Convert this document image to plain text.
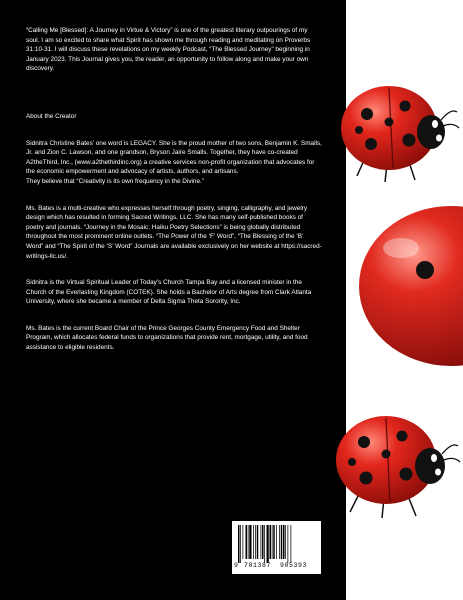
“Calling Me [Blessed]: A Journey in Virtue & Victory” is one of the greatest literary outpourings of my soul. I am so excited to share what Spirit has shown me through reading and meditating on Proverbs 31:10-31. I will discuss these revelations on my weekly Podcast, “The Blessed Journey” beginning in January 2023. This Journal gives you, the reader, an opportunity to follow along and make your own discovery.

About the Creator

Sidnitra Christine Bates’ one word is LEGACY. She is the proud mother of two sons, Benjamin K. Smalls, Jr. and Zion C. Lawson, and one grandson, Bryson Jaire Smalls. Together, they have co-created A2theThird, Inc., (www.a2thethirdinc.org) a creative services non-profit organization that advocates for the economic empowerment and advocacy of artists, authors, and artisans.

They believe that “Creativity is its own frequency in the Divine.”

Ms. Bates is a multi-creative who expresses herself through poetry, singing, calligraphy, and jewelry design which has resulted in forming Sacred Writings, LLC. She has many self-published books of poetry and journals. “Journey in the Mosaic: Haiku Poetry Selections” is being globally distributed throughout the most prominent online outlets. “The Power of the ‘F’ Word”, “The Blessing of the ‘B’ Word” and “The Spirit of the ‘S’ Word” Journals are available exclusively on her website at https://sacred-writings-llc.us/.

Sidnitra is the Virtual Spiritual Leader of Today’s Church Tampa Bay and a licensed minister in the Church of the Everlasting Kingdom (COTEK). She holds a Bachelor of Arts degree from Clark Atlanta University, where she became a member of Delta Sigma Theta Sorority, Inc.

Ms. Bates is the current Board Chair of the Prince Georges County Emergency Food and Shelter Program, which allocates federal funds to organizations that provide rent, mortgage, utility, and food assistance to eligible residents.

9 781387 905393
